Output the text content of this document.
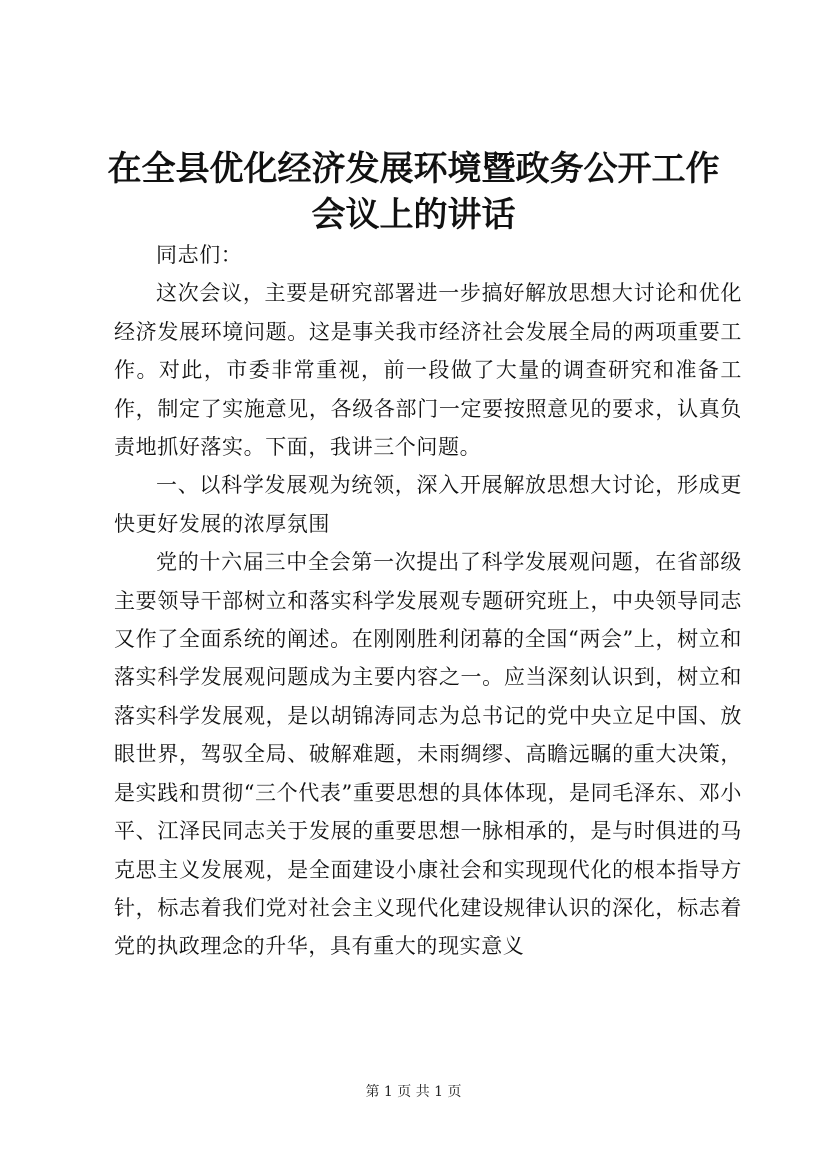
在全县优化经济发展环境暨政务公开工作会议上的讲话

同志们：

这次会议，主要是研究部署进一步搞好解放思想大讨论和优化经济发展环境问题。这是事关我市经济社会发展全局的两项重要工作。对此，市委非常重视，前一段做了大量的调查研究和准备工作，制定了实施意见，各级各部门一定要按照意见的要求，认真负责地抓好落实。下面，我讲三个问题。

一、以科学发展观为统领，深入开展解放思想大讨论，形成更快更好发展的浓厚氛围

党的十六届三中全会第一次提出了科学发展观问题，在省部级主要领导干部树立和落实科学发展观专题研究班上，中央领导同志又作了全面系统的阐述。在刚刚胜利闭幕的全国“两会”上，树立和落实科学发展观问题成为主要内容之一。应当深刻认识到，树立和落实科学发展观，是以胡锦涛同志为总书记的党中央立足中国、放眼世界，驾驭全局、破解难题，未雨绸缪、高瞻远瞩的重大决策，是实践和贯彻“三个代表”重要思想的具体体现，是同毛泽东、邓小平、江泽民同志关于发展的重要思想一脉相承的，是与时俱进的马克思主义发展观，是全面建设小康社会和实现现代化的根本指导方针，标志着我们党对社会主义现代化建设规律认识的深化，标志着党的执政理念的升华，具有重大的现实意义

第 1 页 共 1 页
